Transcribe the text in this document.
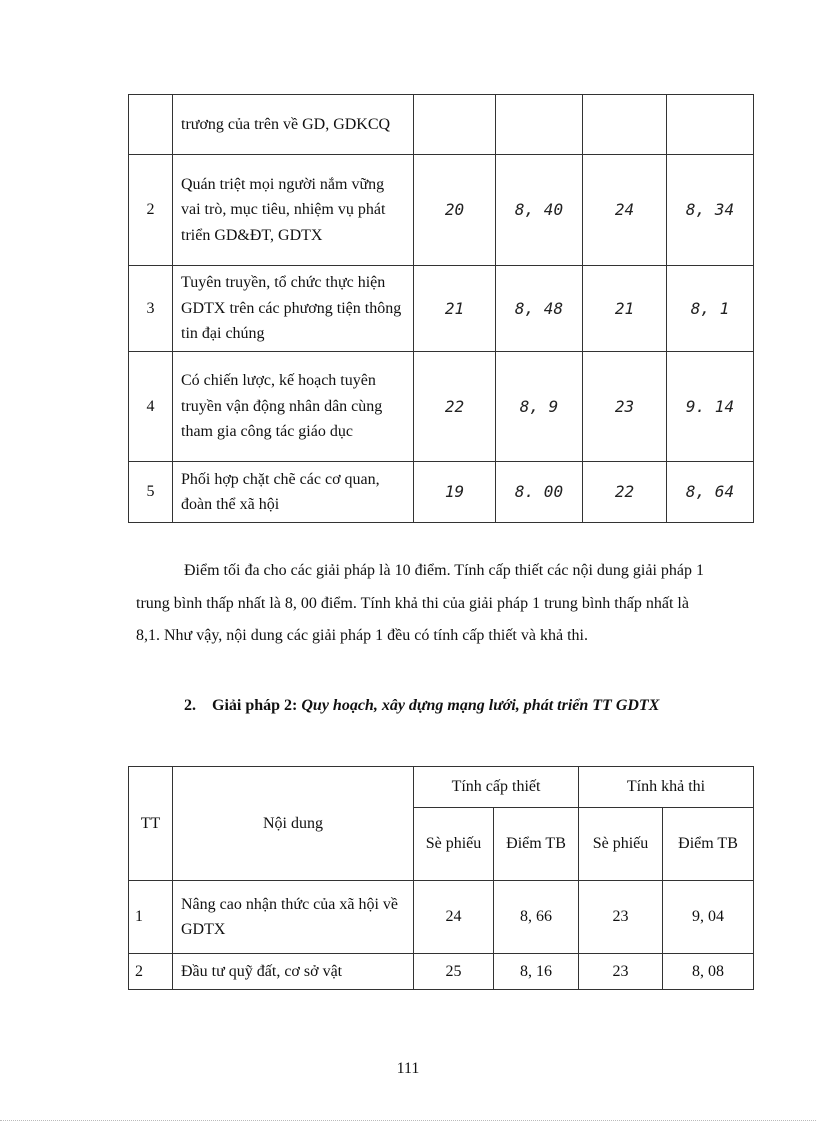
	trương của trên về GD, GDKCQ				
2	Quán triệt mọi người nắm vững vai trò, mục tiêu, nhiệm vụ phát triển GD&ĐT, GDTX	20	8, 40	24	8, 34
3	Tuyên truyền, tổ chức thực hiện GDTX trên các phương tiện thông tin đại chúng	21	8, 48	21	8, 1
4	Có chiến lược, kế hoạch tuyên truyền vận động nhân dân cùng tham gia công tác giáo dục	22	8, 9	23	9. 14
5	Phối hợp chặt chẽ các cơ quan, đoàn thể xã hội	19	8. 00	22	8, 64

Điểm tối đa cho các giải pháp là 10 điểm. Tính cấp thiết các nội dung giải pháp 1 trung bình thấp nhất là 8, 00 điểm. Tính khả thi của giải pháp 1 trung bình thấp nhất là 8,1. Như vậy, nội dung các giải pháp 1 đều có tính cấp thiết và khả thi.

2. Giải pháp 2: Quy hoạch, xây dựng mạng lưới, phát triển TT GDTX

TT	Nội dung	Tính cấp thiết		Tính khả thi	
		Sè phiếu	Điểm TB	Sè phiếu	Điểm TB
1	Nâng cao nhận thức của xã hội về GDTX	24	8, 66	23	9, 04
2	Đầu tư quỹ đất, cơ sở vật	25	8, 16	23	8, 08
111
